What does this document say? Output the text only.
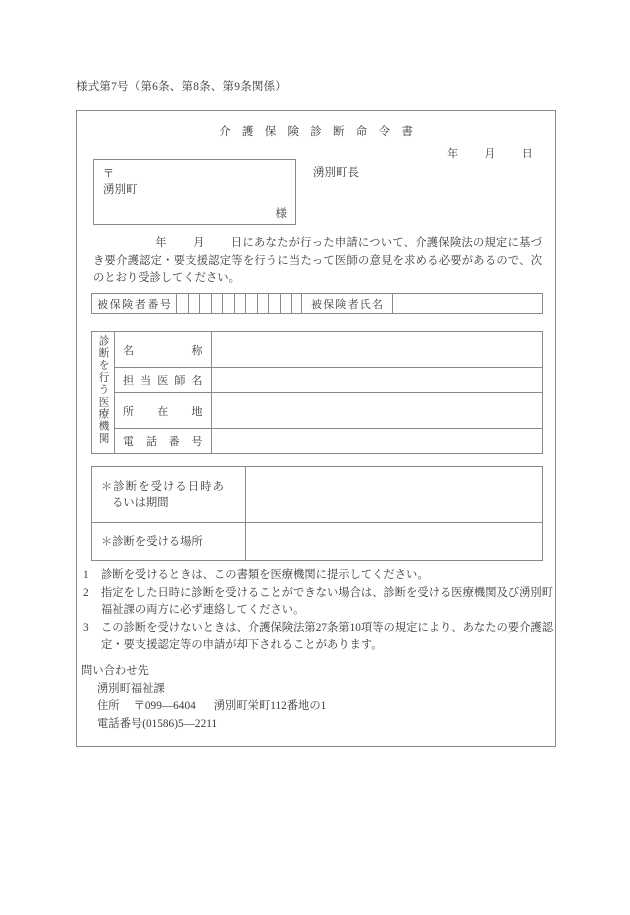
様式第7号（第6条、第8条、第9条関係）
介 護 保 険 診 断 命 令 書
年 月 日
〒
湧別町
様
湧別町長
年 月 日にあなたが行った申請について、介護保険法の規定に基づき要介護認定・要支援認定等を行うに当たって医師の意見を求める必要があるので、次のとおり受診してください。
被保険者番号	被保険者氏名
診断を行う医療機関	名称	
	担当医師名	
	所在地	
	電話番号	
＊診断を受ける日時あ
るいは期間	

＊診断を受ける場所	
1 診断を受けるときは、この書類を医療機関に提示してください。
2 指定をした日時に診断を受けることができない場合は、診断を受ける医療機関及び湧別町福祉課の両方に必ず連絡してください。
3 この診断を受けないときは、介護保険法第27条第10項等の規定により、あなたの要介護認定・要支援認定等の申請が却下されることがあります。
問い合わせ先
湧別町福祉課
住所 〒099—6404 湧別町栄町112番地の1
電話番号(01586)5—2211
